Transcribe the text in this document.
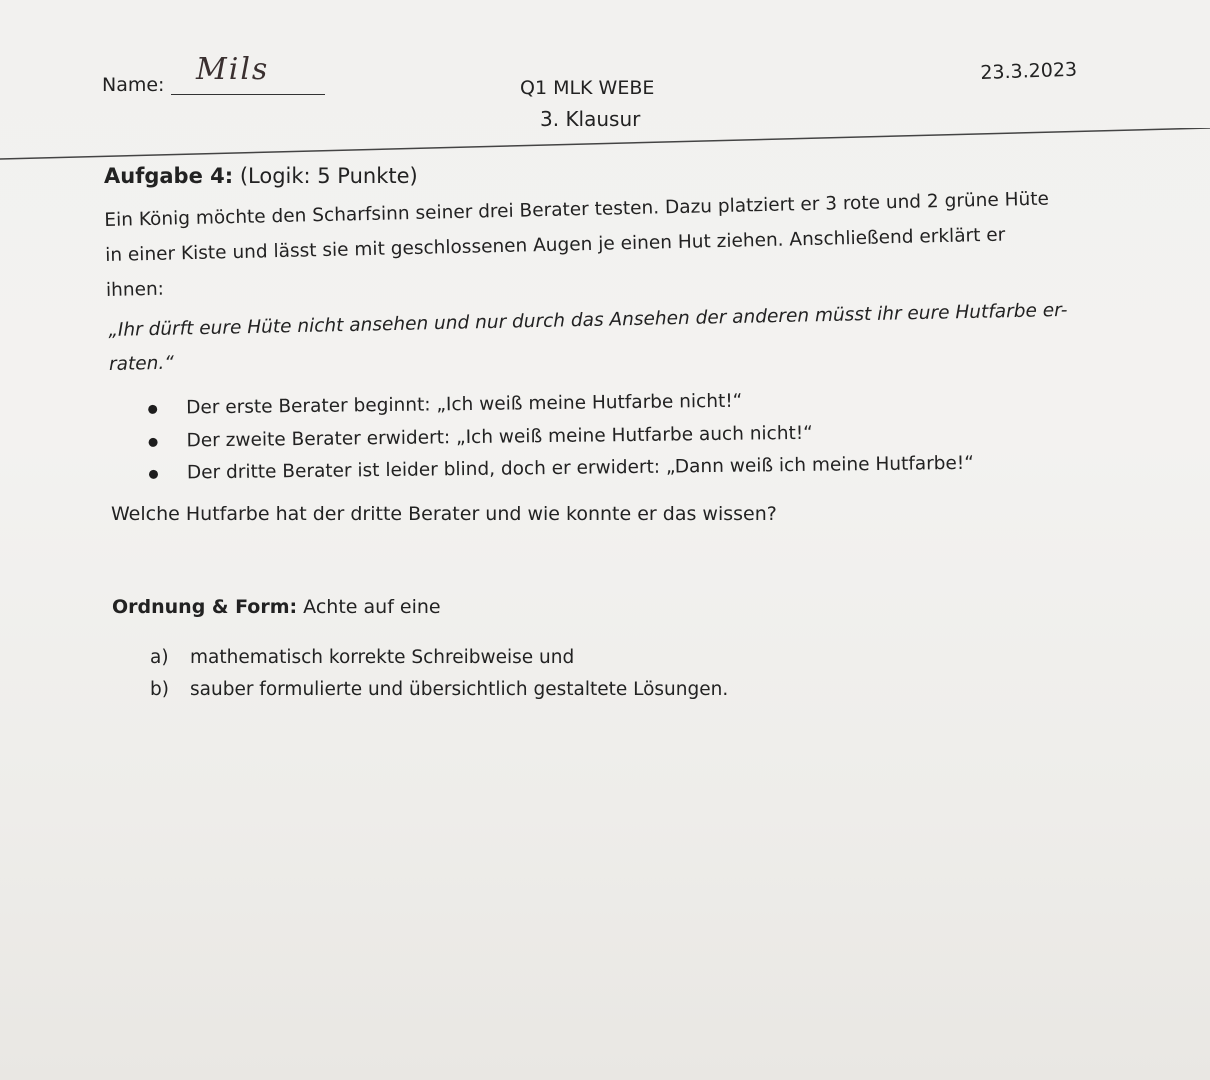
Name: Mils
Q1 MLK WEBE
3. Klausur
23.3.2023
Aufgabe 4: (Logik: 5 Punkte)
Ein König möchte den Scharfsinn seiner drei Berater testen. Dazu platziert er 3 rote und 2 grüne Hüte
in einer Kiste und lässt sie mit geschlossenen Augen je einen Hut ziehen. Anschließend erklärt er
ihnen:
„Ihr dürft eure Hüte nicht ansehen und nur durch das Ansehen der anderen müsst ihr eure Hutfarbe er-
raten.“
Der erste Berater beginnt: „Ich weiß meine Hutfarbe nicht!“
Der zweite Berater erwidert: „Ich weiß meine Hutfarbe auch nicht!“
Der dritte Berater ist leider blind, doch er erwidert: „Dann weiß ich meine Hutfarbe!“
Welche Hutfarbe hat der dritte Berater und wie konnte er das wissen?
Ordnung & Form: Achte auf eine
a) mathematisch korrekte Schreibweise und
b) sauber formulierte und übersichtlich gestaltete Lösungen.
